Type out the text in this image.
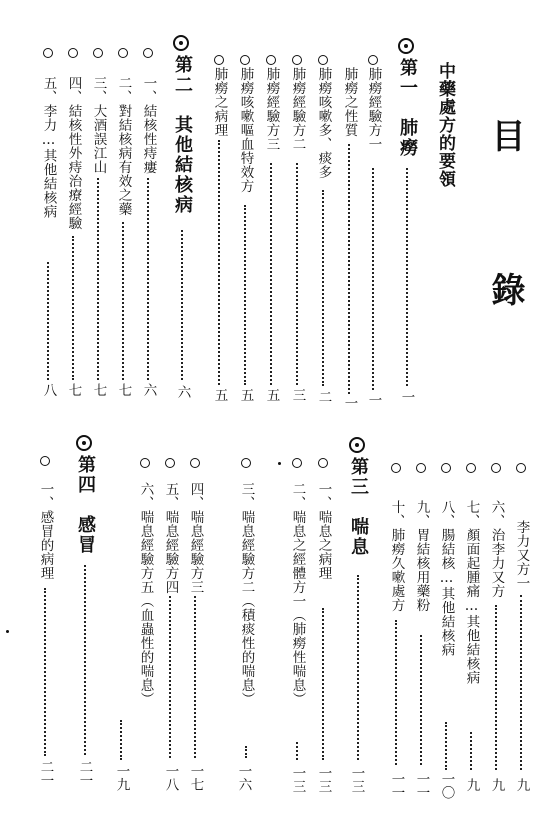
目 錄
中藥處方的要領
第一　肺癆
一
肺癆經驗方一
一
肺癆之性質
一
肺癆咳嗽多、痰多
二
肺癆經驗方二
三
肺癆經驗方三
五
肺癆咳嗽嘔血特效方
五
肺癆之病理
五
第二　其他結核病
六
一、結核性痔瘻
六
二、對結核病有效之藥
七
三、大酒誤江山
七
四、結核性外痔治療經驗
七
五、李力…其他結核病
八
李力又方一
九
六、治李力又方
九
七、顏面起腫痛…其他結核病
九
八、腸結核…其他結核病
一〇
九、胃結核用藥粉
一一
十、肺癆久嗽處方
一一
第三　喘息
一三
一、喘息之病理
一三
二、喘息之經體方一（肺癆性喘息）
一三
三、喘息經驗方二（積痰性的喘息）
一六
四、喘息經驗方三
一七
五、喘息經驗方四
一八
六、喘息經驗方五（血蟲性的喘息）
一九
第四　感冒
二一
一、感冒的病理
二一
